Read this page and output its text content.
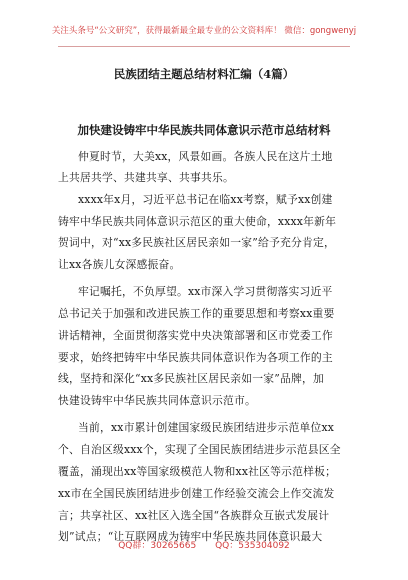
关注头条号“公文研究”，获得最新最全最专业的公文资料库！ 微信：gongwenyj
民族团结主题总结材料汇编（4篇）
加快建设铸牢中华民族共同体意识示范市总结材料
仲夏时节，大美xx，风景如画。各族人民在这片土地
上共居共学、共建共享、共事共乐。
xxxx年x月，习近平总书记在临xx考察，赋予xx创建
铸牢中华民族共同体意识示范区的重大使命，xxxx年新年
贺词中，对“xx多民族社区居民亲如一家”给予充分肯定，
让xx各族儿女深感振奋。
牢记嘱托，不负厚望。xx市深入学习贯彻落实习近平
总书记关于加强和改进民族工作的重要思想和考察xx重要
讲话精神，全面贯彻落实党中央决策部署和区市党委工作
要求，始终把铸牢中华民族共同体意识作为各项工作的主
线，坚持和深化“xx多民族社区居民亲如一家”品牌，加
快建设铸牢中华民族共同体意识示范市。
当前，xx市累计创建国家级民族团结进步示范单位xx
个、自治区级xxx个，实现了全国民族团结进步示范县区全
覆盖，涌现出xx等国家级模范人物和xx社区等示范样板；
xx市在全国民族团结进步创建工作经验交流会上作交流发
言；共享社区、xx社区入选全国“各族群众互嵌式发展计
划”试点；“让互联网成为铸牢中华民族共同体意识最大
QQ群：30265665 QQ：535304092
